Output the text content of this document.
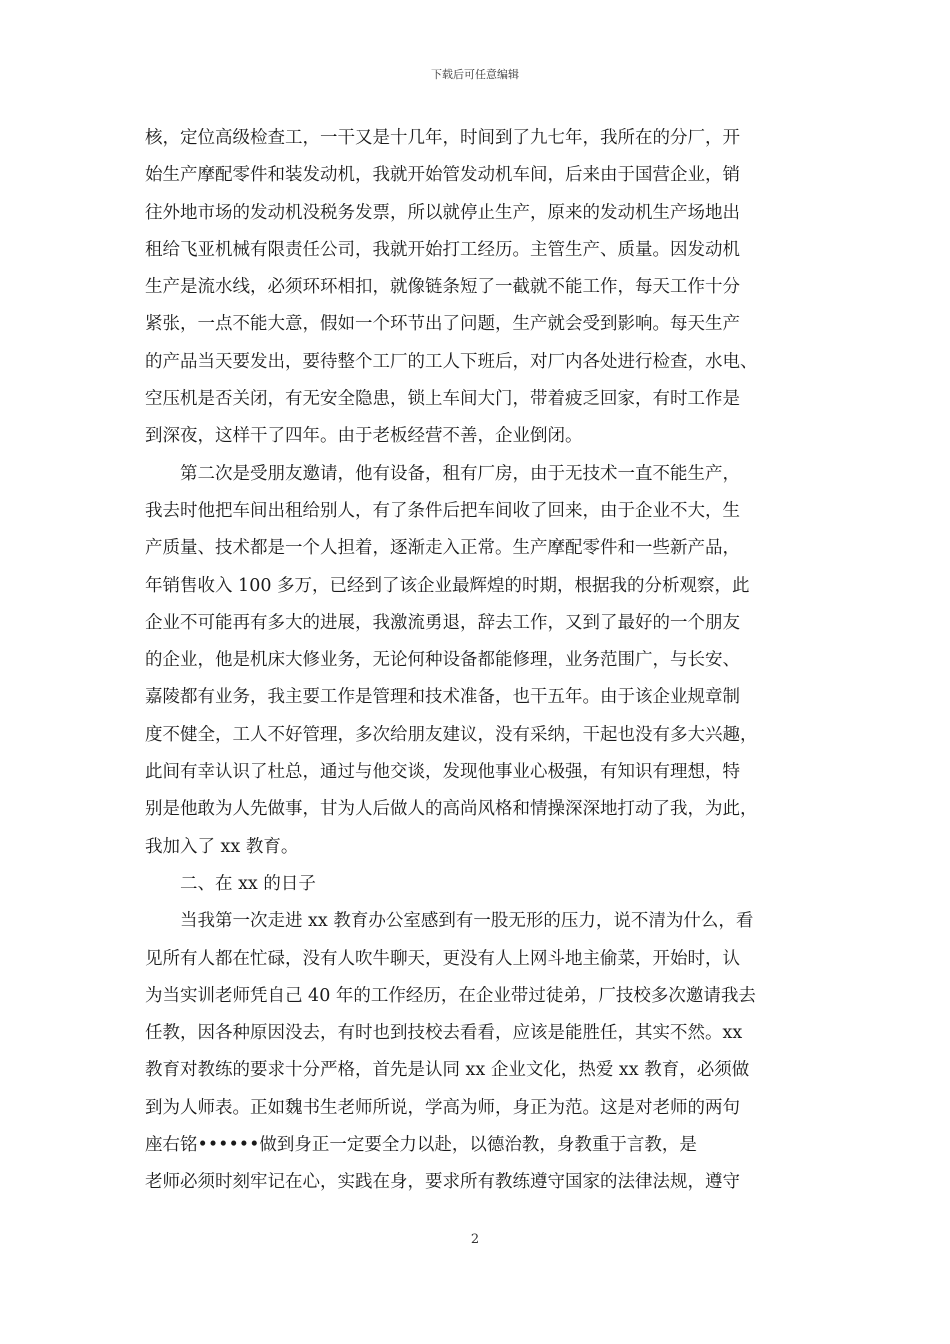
下载后可任意编辑
核，定位高级检查工，一干又是十几年，时间到了九七年，我所在的分厂，开
始生产摩配零件和装发动机，我就开始管发动机车间，后来由于国营企业，销
往外地市场的发动机没税务发票，所以就停止生产，原来的发动机生产场地出
租给飞亚机械有限责任公司，我就开始打工经历。主管生产、质量。因发动机
生产是流水线，必须环环相扣，就像链条短了一截就不能工作，每天工作十分
紧张，一点不能大意，假如一个环节出了问题，生产就会受到影响。每天生产
的产品当天要发出，要待整个工厂的工人下班后，对厂内各处进行检查，水电、
空压机是否关闭，有无安全隐患，锁上车间大门，带着疲乏回家，有时工作是
到深夜，这样干了四年。由于老板经营不善，企业倒闭。
第二次是受朋友邀请，他有设备，租有厂房，由于无技术一直不能生产，
我去时他把车间出租给别人，有了条件后把车间收了回来，由于企业不大，生
产质量、技术都是一个人担着，逐渐走入正常。生产摩配零件和一些新产品，
年销售收入 100 多万，已经到了该企业最辉煌的时期，根据我的分析观察，此
企业不可能再有多大的进展，我激流勇退，辞去工作，又到了最好的一个朋友
的企业，他是机床大修业务，无论何种设备都能修理，业务范围广，与长安、
嘉陵都有业务，我主要工作是管理和技术准备，也干五年。由于该企业规章制
度不健全，工人不好管理，多次给朋友建议，没有采纳，干起也没有多大兴趣，
此间有幸认识了杜总，通过与他交谈，发现他事业心极强，有知识有理想，特
别是他敢为人先做事，甘为人后做人的高尚风格和情操深深地打动了我，为此，
我加入了 xx 教育。
二、在 xx 的日子
当我第一次走进 xx 教育办公室感到有一股无形的压力，说不清为什么，看
见所有人都在忙碌，没有人吹牛聊天，更没有人上网斗地主偷菜，开始时，认
为当实训老师凭自己 40 年的工作经历，在企业带过徒弟，厂技校多次邀请我去
任教，因各种原因没去，有时也到技校去看看，应该是能胜任，其实不然。xx
教育对教练的要求十分严格，首先是认同 xx 企业文化，热爱 xx 教育，必须做
到为人师表。正如魏书生老师所说，学高为师，身正为范。这是对老师的两句
座右铭••••••做到身正一定要全力以赴，以德治教，身教重于言教，是
老师必须时刻牢记在心，实践在身，要求所有教练遵守国家的法律法规，遵守
2
